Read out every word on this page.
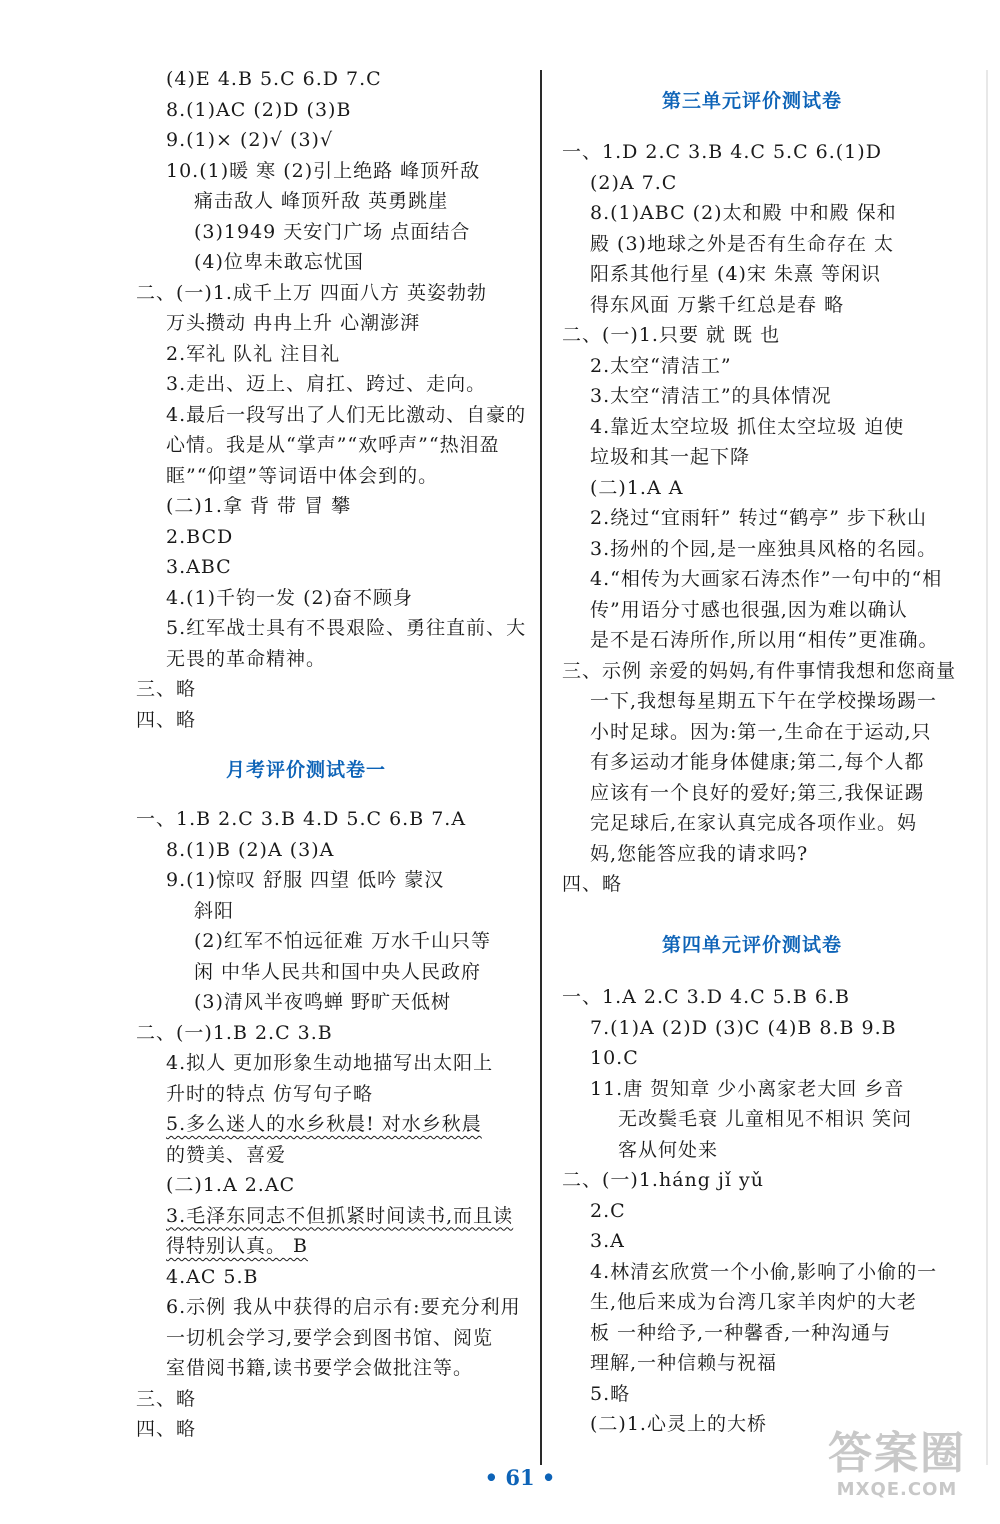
(4)E 4.B 5.C 6.D 7.C
8.(1)AC (2)D (3)B
9.(1)× (2)√ (3)√
10.(1)暖 寒 (2)引上绝路 峰顶歼敌
痛击敌人 峰顶歼敌 英勇跳崖
(3)1949 天安门广场 点面结合
(4)位卑未敢忘忧国
二、(一)1.成千上万 四面八方 英姿勃勃
万头攒动 冉冉上升 心潮澎湃
2.军礼 队礼 注目礼
3.走出、迈上、肩扛、跨过、走向。
4.最后一段写出了人们无比激动、自豪的
心情。我是从“掌声”“欢呼声”“热泪盈
眶”“仰望”等词语中体会到的。
(二)1.拿 背 带 冒 攀
2.BCD
3.ABC
4.(1)千钧一发 (2)奋不顾身
5.红军战士具有不畏艰险、勇往直前、大
无畏的革命精神。
三、略
四、略
月考评价测试卷一
一、1.B 2.C 3.B 4.D 5.C 6.B 7.A
8.(1)B (2)A (3)A
9.(1)惊叹 舒服 四望 低吟 蒙汉
斜阳
(2)红军不怕远征难 万水千山只等
闲 中华人民共和国中央人民政府
(3)清风半夜鸣蝉 野旷天低树
二、(一)1.B 2.C 3.B
4.拟人 更加形象生动地描写出太阳上
升时的特点 仿写句子略
5.多么迷人的水乡秋晨! 对水乡秋晨
的赞美、喜爱
(二)1.A 2.AC
3.毛泽东同志不但抓紧时间读书,而且读
得特别认真。 B
4.AC 5.B
6.示例 我从中获得的启示有:要充分利用
一切机会学习,要学会到图书馆、阅览
室借阅书籍,读书要学会做批注等。
三、略
四、略
第三单元评价测试卷
一、1.D 2.C 3.B 4.C 5.C 6.(1)D
(2)A 7.C
8.(1)ABC (2)太和殿 中和殿 保和
殿 (3)地球之外是否有生命存在 太
阳系其他行星 (4)宋 朱熹 等闲识
得东风面 万紫千红总是春 略
二、(一)1.只要 就 既 也
2.太空“清洁工”
3.太空“清洁工”的具体情况
4.靠近太空垃圾 抓住太空垃圾 迫使
垃圾和其一起下降
(二)1.A A
2.绕过“宜雨轩” 转过“鹤亭” 步下秋山
3.扬州的个园,是一座独具风格的名园。
4.“相传为大画家石涛杰作”一句中的“相
传”用语分寸感也很强,因为难以确认
是不是石涛所作,所以用“相传”更准确。
三、示例 亲爱的妈妈,有件事情我想和您商量
一下,我想每星期五下午在学校操场踢一
小时足球。因为:第一,生命在于运动,只
有多运动才能身体健康;第二,每个人都
应该有一个良好的爱好;第三,我保证踢
完足球后,在家认真完成各项作业。妈
妈,您能答应我的请求吗?
四、略
第四单元评价测试卷
一、1.A 2.C 3.D 4.C 5.B 6.B
7.(1)A (2)D (3)C (4)B 8.B 9.B
10.C
11.唐 贺知章 少小离家老大回 乡音
无改鬓毛衰 儿童相见不相识 笑问
客从何处来
二、(一)1.háng jǐ yǔ
2.C
3.A
4.林清玄欣赏一个小偷,影响了小偷的一
生,他后来成为台湾几家羊肉炉的大老
板 一种给予,一种馨香,一种沟通与
理解,一种信赖与祝福
5.略
(二)1.心灵上的大桥
• 61 •	答案圈
MXQE.COM
